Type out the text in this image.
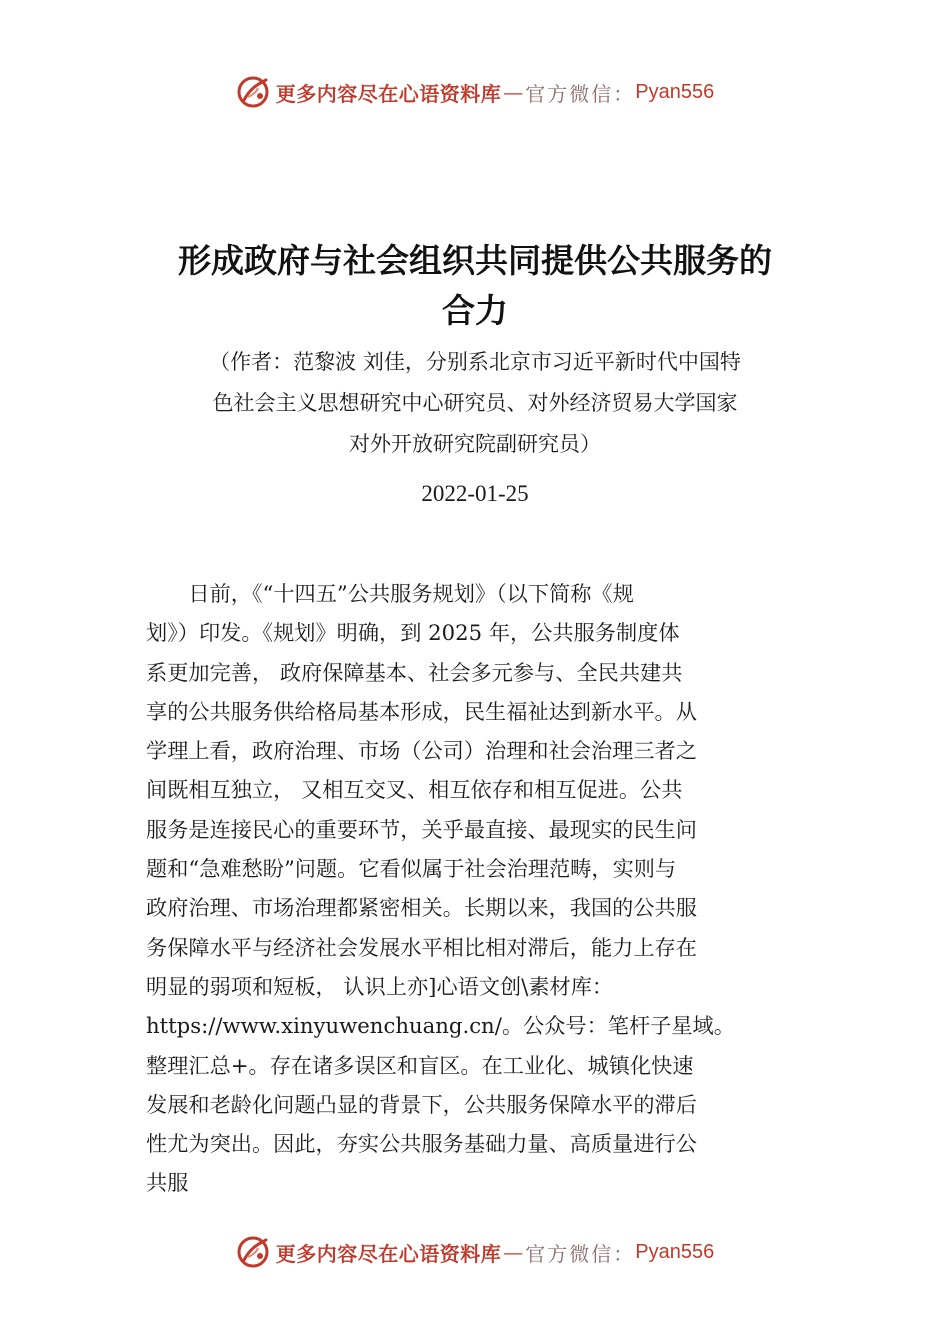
更多内容尽在心语资料库 — 官方微信： Pyan556
形成政府与社会组织共同提供公共服务的
合力

（作者：范黎波 刘佳，分别系北京市习近平新时代中国特
色社会主义思想研究中心研究员、对外经济贸易大学国家
对外开放研究院副研究员）

2022-01-25
　　日前，《“十四五”公共服务规划》（以下简称《规
划》）印发。《规划》明确，到 2025 年，公共服务制度体
系更加完善， 政府保障基本、社会多元参与、全民共建共
享的公共服务供给格局基本形成，民生福祉达到新水平。从
学理上看，政府治理、市场（公司）治理和社会治理三者之
间既相互独立， 又相互交叉、相互依存和相互促进。公共
服务是连接民心的重要环节，关乎最直接、最现实的民生问
题和“急难愁盼”问题。它看似属于社会治理范畴，实则与
政府治理、市场治理都紧密相关。长期以来，我国的公共服
务保障水平与经济社会发展水平相比相对滞后，能力上存在
明显的弱项和短板， 认识上亦]心语文创\素材库：
https://www.xinyuwenchuang.cn/。公众号：笔杆子星域。
整理汇总+。存在诸多误区和盲区。在工业化、城镇化快速
发展和老龄化问题凸显的背景下，公共服务保障水平的滞后
性尤为突出。因此，夯实公共服务基础力量、高质量进行公
共服
更多内容尽在心语资料库 — 官方微信： Pyan556
